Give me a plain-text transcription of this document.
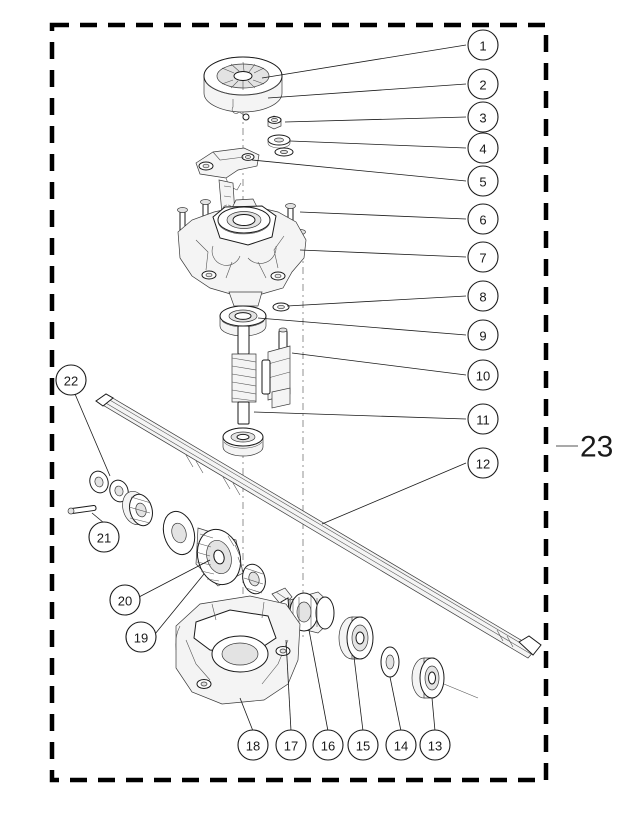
1
2
3
4
5
6
7
8
9
10
11
12
13
14
15
16
17
18
19
20
21
22
23
